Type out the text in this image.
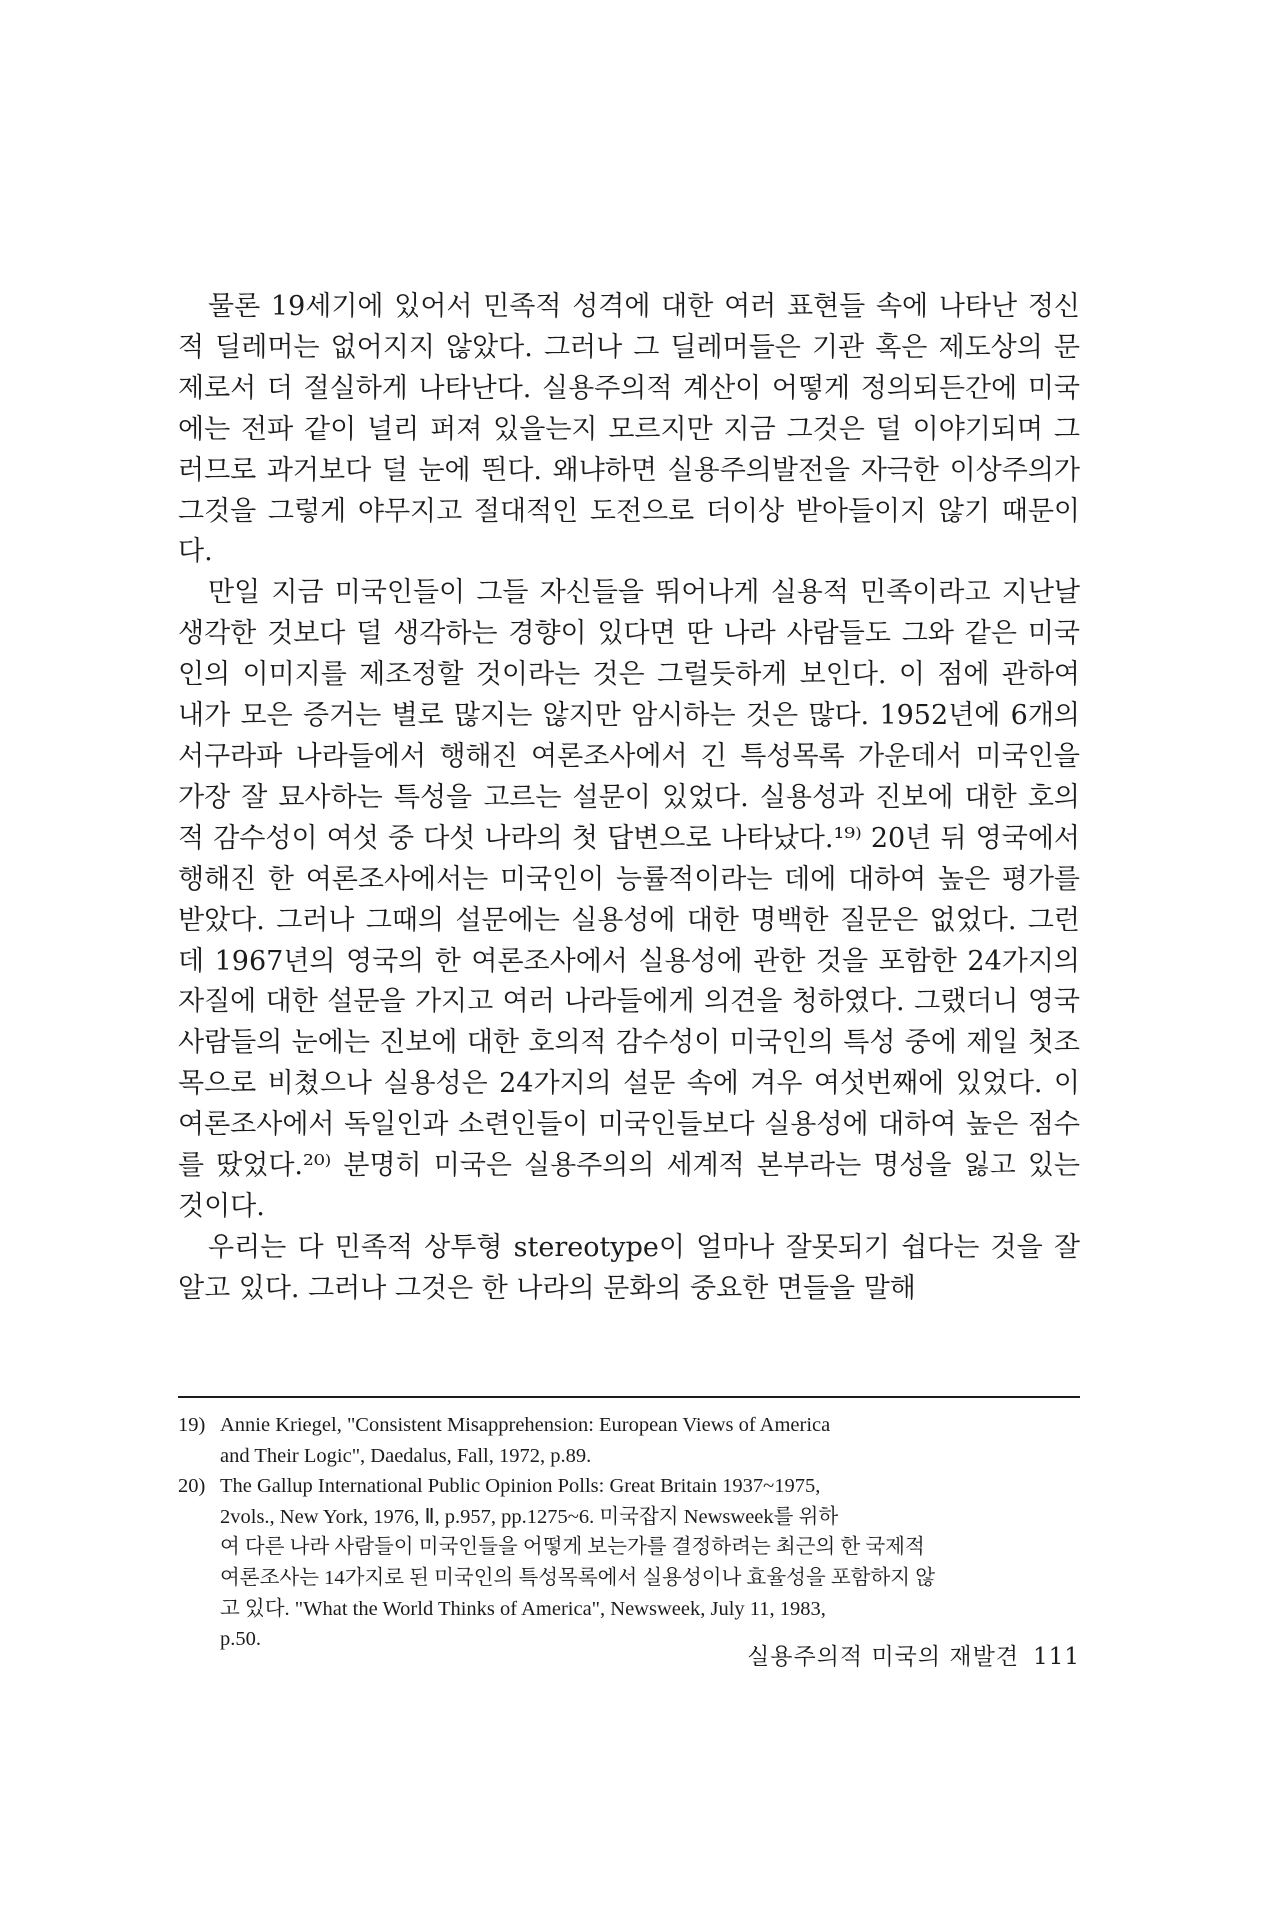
물론 19세기에 있어서 민족적 성격에 대한 여러 표현들 속에 나타난 정신적 딜레머는 없어지지 않았다. 그러나 그 딜레머들은 기관 혹은 제도상의 문제로서 더 절실하게 나타난다. 실용주의적 계산이 어떻게 정의되든간에 미국에는 전파 같이 널리 퍼져 있을는지 모르지만 지금 그것은 덜 이야기되며 그러므로 과거보다 덜 눈에 띈다. 왜냐하면 실용주의발전을 자극한 이상주의가 그것을 그렇게 야무지고 절대적인 도전으로 더이상 받아들이지 않기 때문이다.

만일 지금 미국인들이 그들 자신들을 뛰어나게 실용적 민족이라고 지난날 생각한 것보다 덜 생각하는 경향이 있다면 딴 나라 사람들도 그와 같은 미국인의 이미지를 제조정할 것이라는 것은 그럴듯하게 보인다. 이 점에 관하여 내가 모은 증거는 별로 많지는 않지만 암시하는 것은 많다. 1952년에 6개의 서구라파 나라들에서 행해진 여론조사에서 긴 특성목록 가운데서 미국인을 가장 잘 묘사하는 특성을 고르는 설문이 있었다. 실용성과 진보에 대한 호의적 감수성이 여섯 중 다섯 나라의 첫 답변으로 나타났다.¹⁹⁾ 20년 뒤 영국에서 행해진 한 여론조사에서는 미국인이 능률적이라는 데에 대하여 높은 평가를 받았다. 그러나 그때의 설문에는 실용성에 대한 명백한 질문은 없었다. 그런데 1967년의 영국의 한 여론조사에서 실용성에 관한 것을 포함한 24가지의 자질에 대한 설문을 가지고 여러 나라들에게 의견을 청하였다. 그랬더니 영국사람들의 눈에는 진보에 대한 호의적 감수성이 미국인의 특성 중에 제일 첫조목으로 비쳤으나 실용성은 24가지의 설문 속에 겨우 여섯번째에 있었다. 이 여론조사에서 독일인과 소련인들이 미국인들보다 실용성에 대하여 높은 점수를 땄었다.²⁰⁾ 분명히 미국은 실용주의의 세계적 본부라는 명성을 잃고 있는 것이다.

우리는 다 민족적 상투형 stereotype이 얼마나 잘못되기 쉽다는 것을 잘 알고 있다. 그러나 그것은 한 나라의 문화의 중요한 면들을 말해

19) Annie Kriegel, "Consistent Misapprehension: European Views of America
and Their Logic", Daedalus, Fall, 1972, p.89.
20) The Gallup International Public Opinion Polls: Great Britain 1937~1975,
2vols., New York, 1976, Ⅱ, p.957, pp.1275~6. 미국잡지 Newsweek를 위하
여 다른 나라 사람들이 미국인들을 어떻게 보는가를 결정하려는 최근의 한 국제적
여론조사는 14가지로 된 미국인의 특성목록에서 실용성이나 효율성을 포함하지 않
고 있다. "What the World Thinks of America", Newsweek, July 11, 1983,
p.50.
실용주의적 미국의 재발견 111
